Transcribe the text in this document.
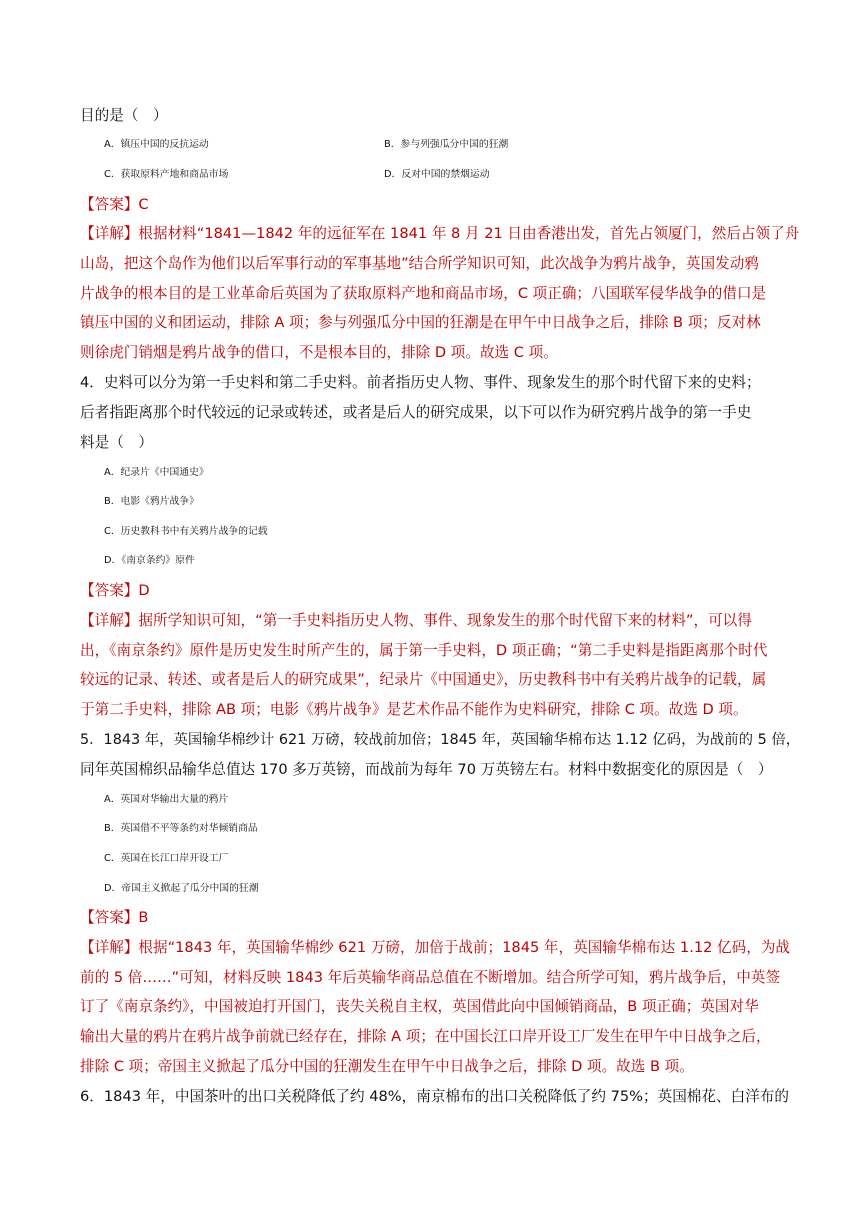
目的是（　）
A．镇压中国的反抗运动	B．参与列强瓜分中国的狂潮
C．获取原料产地和商品市场	D．反对中国的禁烟运动
【答案】C
【详解】根据材料“1841—1842 年的远征军在 1841 年 8 月 21 日由香港出发，首先占领厦门，然后占领了舟
山岛，把这个岛作为他们以后军事行动的军事基地”结合所学知识可知，此次战争为鸦片战争，英国发动鸦
片战争的根本目的是工业革命后英国为了获取原料产地和商品市场，C 项正确；八国联军侵华战争的借口是
镇压中国的义和团运动，排除 A 项；参与列强瓜分中国的狂潮是在甲午中日战争之后，排除 B 项；反对林
则徐虎门销烟是鸦片战争的借口，不是根本目的，排除 D 项。故选 C 项。
4．史料可以分为第一手史料和第二手史料。前者指历史人物、事件、现象发生的那个时代留下来的史料；
后者指距离那个时代较远的记录或转述，或者是后人的研究成果，以下可以作为研究鸦片战争的第一手史
料是（　）
A．纪录片《中国通史》
B．电影《鸦片战争》
C．历史教科书中有关鸦片战争的记载
D．《南京条约》原件
【答案】D
【详解】据所学知识可知，“第一手史料指历史人物、事件、现象发生的那个时代留下来的材料”，可以得
出，《南京条约》原件是历史发生时所产生的，属于第一手史料，D 项正确；“第二手史料是指距离那个时代
较远的记录、转述、或者是后人的研究成果”，纪录片《中国通史》，历史教科书中有关鸦片战争的记载，属
于第二手史料，排除 AB 项；电影《鸦片战争》是艺术作品不能作为史料研究，排除 C 项。故选 D 项。
5．1843 年，英国输华棉纱计 621 万磅，较战前加倍；1845 年，英国输华棉布达 1.12 亿码，为战前的 5 倍，
同年英国棉织品输华总值达 170 多万英镑，而战前为每年 70 万英镑左右。材料中数据变化的原因是（　）
A．英国对华输出大量的鸦片
B．英国借不平等条约对华倾销商品
C．英国在长江口岸开设工厂
D．帝国主义掀起了瓜分中国的狂潮
【答案】B
【详解】根据“1843 年，英国输华棉纱 621 万磅，加倍于战前；1845 年，英国输华棉布达 1.12 亿码，为战
前的 5 倍……”可知，材料反映 1843 年后英输华商品总值在不断增加。结合所学可知，鸦片战争后，中英签
订了《南京条约》，中国被迫打开国门，丧失关税自主权，英国借此向中国倾销商品，B 项正确；英国对华
输出大量的鸦片在鸦片战争前就已经存在，排除 A 项；在中国长江口岸开设工厂发生在甲午中日战争之后，
排除 C 项；帝国主义掀起了瓜分中国的狂潮发生在甲午中日战争之后，排除 D 项。故选 B 项。
6．1843 年，中国茶叶的出口关税降低了约 48%，南京棉布的出口关税降低了约 75%；英国棉花、白洋布的
